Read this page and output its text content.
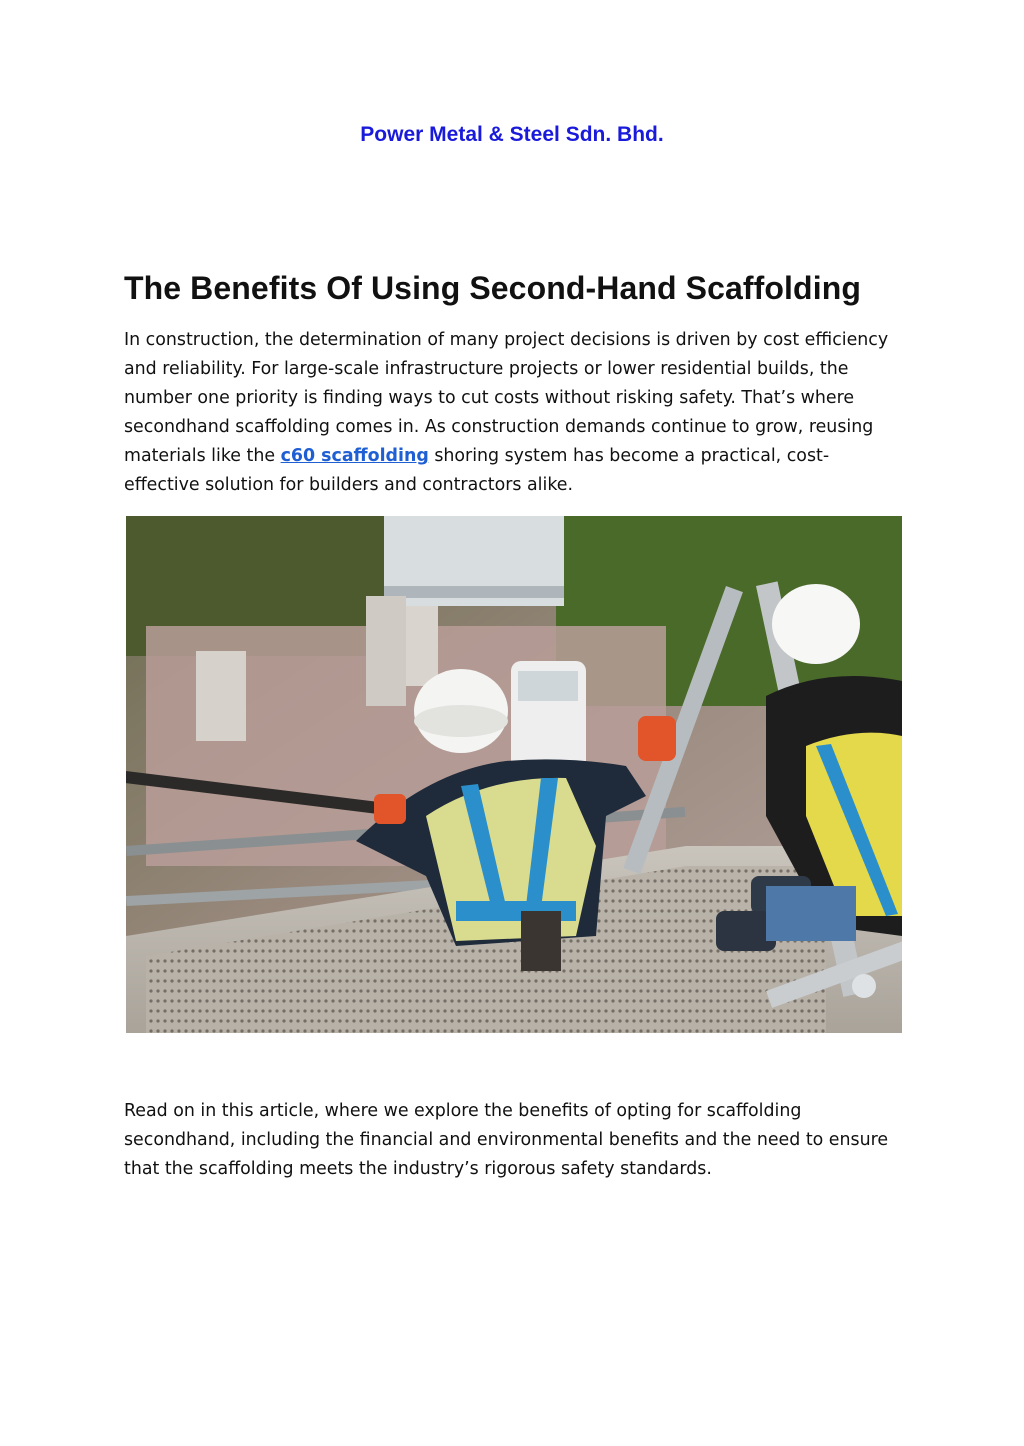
Power Metal & Steel Sdn. Bhd.
The Benefits Of Using Second-Hand Scaffolding

In construction, the determination of many project decisions is driven by cost efficiency and reliability. For large-scale infrastructure projects or lower residential builds, the number one priority is finding ways to cut costs without risking safety. That’s where secondhand scaffolding comes in. As construction demands continue to grow, reusing materials like the c60 scaffolding shoring system has become a practical, cost-effective solution for builders and contractors alike.

Read on in this article, where we explore the benefits of opting for scaffolding secondhand, including the financial and environmental benefits and the need to ensure that the scaffolding meets the industry’s rigorous safety standards.
